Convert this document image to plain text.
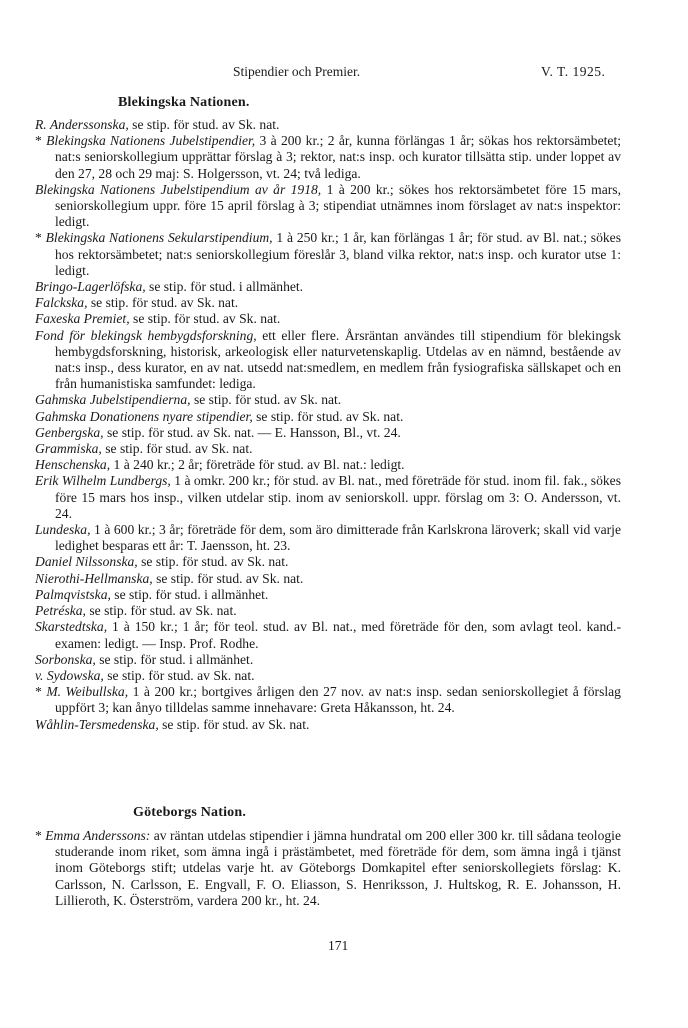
Stipendier och Premier.	V. T. 1925.
Blekingska Nationen.

R. Anderssonska, se stip. för stud. av Sk. nat.

* Blekingska Nationens Jubelstipendier, 3 à 200 kr.; 2 år, kunna förlängas 1 år; sökas hos rektorsämbetet; nat:s seniorskollegium upprättar förslag à 3; rektor, nat:s insp. och kurator tillsätta stip. under loppet av den 27, 28 och 29 maj: S. Holgersson, vt. 24; två lediga.

Blekingska Nationens Jubelstipendium av år 1918, 1 à 200 kr.; sökes hos rektorsämbetet före 15 mars, seniorskollegium uppr. före 15 april förslag à 3; stipendiat utnämnes inom förslaget av nat:s inspektor: ledigt.

* Blekingska Nationens Sekularstipendium, 1 à 250 kr.; 1 år, kan förlängas 1 år; för stud. av Bl. nat.; sökes hos rektorsämbetet; nat:s seniorskollegium föreslår 3, bland vilka rektor, nat:s insp. och kurator utse 1: ledigt.

Bringo-Lagerlöfska, se stip. för stud. i allmänhet.

Falckska, se stip. för stud. av Sk. nat.

Faxeska Premiet, se stip. för stud. av Sk. nat.

Fond för blekingsk hembygdsforskning, ett eller flere. Årsräntan användes till stipendium för blekingsk hembygdsforskning, historisk, arkeologisk eller naturvetenskaplig. Utdelas av en nämnd, bestående av nat:s insp., dess kurator, en av nat. utsedd nat:smedlem, en medlem från fysiografiska sällskapet och en från humanistiska samfundet: lediga.

Gahmska Jubelstipendierna, se stip. för stud. av Sk. nat.

Gahmska Donationens nyare stipendier, se stip. för stud. av Sk. nat.

Genbergska, se stip. för stud. av Sk. nat. — E. Hansson, Bl., vt. 24.

Grammiska, se stip. för stud. av Sk. nat.

Henschenska, 1 à 240 kr.; 2 år; företräde för stud. av Bl. nat.: ledigt.

Erik Wilhelm Lundbergs, 1 à omkr. 200 kr.; för stud. av Bl. nat., med företräde för stud. inom fil. fak., sökes före 15 mars hos insp., vilken utdelar stip. inom av seniorskoll. uppr. förslag om 3: O. Andersson, vt. 24.

Lundeska, 1 à 600 kr.; 3 år; företräde för dem, som äro dimitterade från Karlskrona läroverk; skall vid varje ledighet besparas ett år: T. Jaensson, ht. 23.

Daniel Nilssonska, se stip. för stud. av Sk. nat.

Nierothi-Hellmanska, se stip. för stud. av Sk. nat.

Palmqvistska, se stip. för stud. i allmänhet.

Petréska, se stip. för stud. av Sk. nat.

Skarstedtska, 1 à 150 kr.; 1 år; för teol. stud. av Bl. nat., med företräde för den, som avlagt teol. kand.-examen: ledigt. — Insp. Prof. Rodhe.

Sorbonska, se stip. för stud. i allmänhet.

v. Sydowska, se stip. för stud. av Sk. nat.

* M. Weibullska, 1 à 200 kr.; bortgives årligen den 27 nov. av nat:s insp. sedan seniorskollegiet å förslag uppfört 3; kan ånyo tilldelas samme innehavare: Greta Håkansson, ht. 24.

Wåhlin-Tersmedenska, se stip. för stud. av Sk. nat.

Göteborgs Nation.

* Emma Anderssons: av räntan utdelas stipendier i jämna hundratal om 200 eller 300 kr. till sådana teologie studerande inom riket, som ämna ingå i prästämbetet, med företräde för dem, som ämna ingå i tjänst inom Göteborgs stift; utdelas varje ht. av Göteborgs Domkapitel efter seniorskollegiets förslag: K. Carlsson, N. Carlsson, E. Engvall, F. O. Eliasson, S. Henriksson, J. Hultskog, R. E. Johansson, H. Lillieroth, K. Österström, vardera 200 kr., ht. 24.

171
